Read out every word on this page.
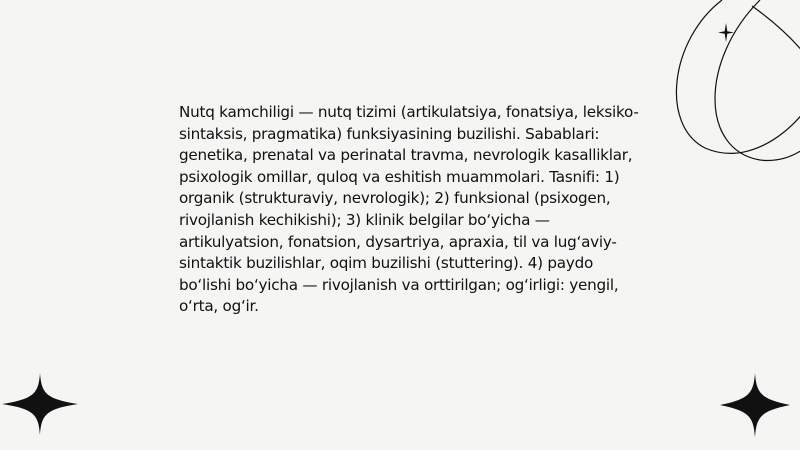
Nutq kamchiligi — nutq tizimi (artikulatsiya, fonatsiya, leksiko-sintaksis, pragmatika) funksiyasining buzilishi. Sabablari: genetika, prenatal va perinatal travma, nevrologik kasalliklar, psixologik omillar, quloq va eshitish muammolari. Tasnifi: 1) organik (strukturaviy, nevrologik); 2) funksional (psixogen, rivojlanish kechikishi); 3) klinik belgilar bo‘yicha — artikulyatsion, fonatsion, dysartriya, apraxia, til va lug‘aviy-sintaktik buzilishlar, oqim buzilishi (stuttering). 4) paydo bo‘lishi bo‘yicha — rivojlanish va orttirilgan; og‘irligi: yengil, o‘rta, og‘ir.
